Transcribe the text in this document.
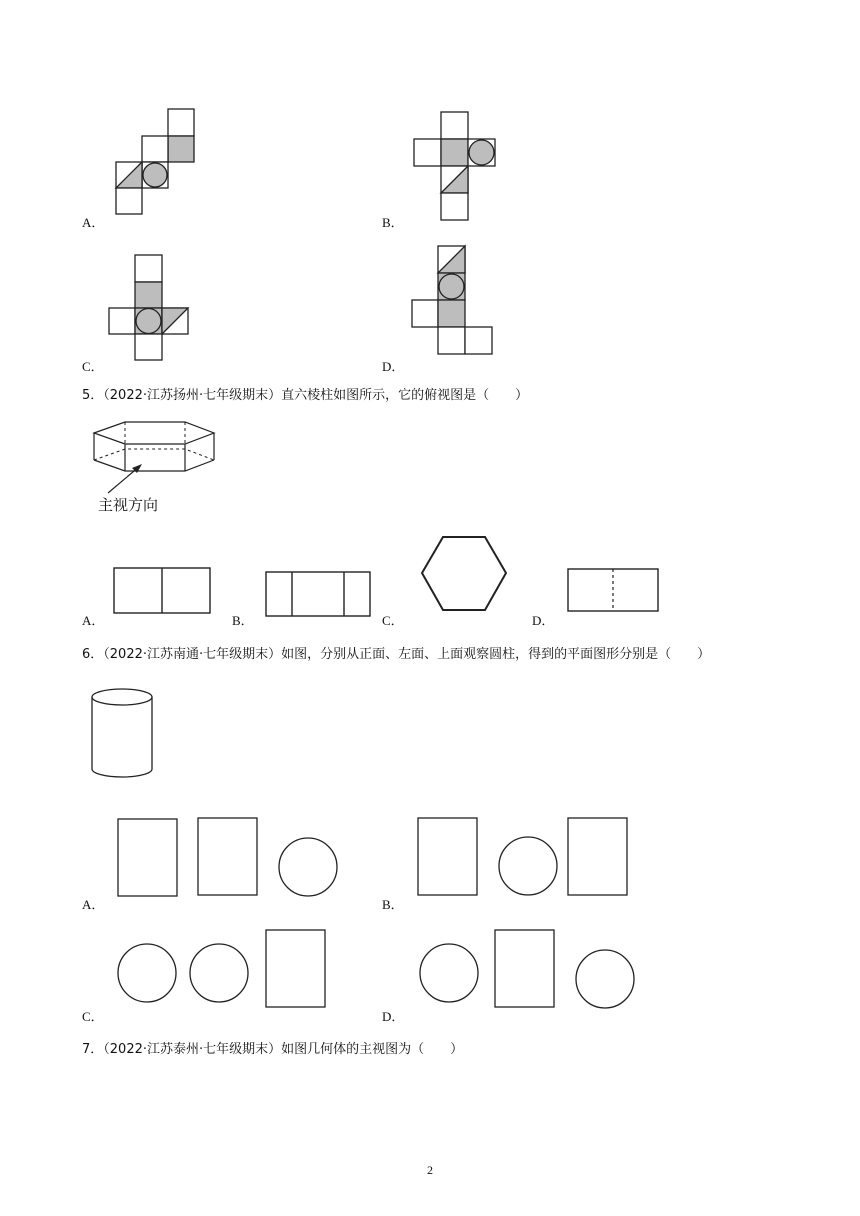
A．	B．
C．	D．
5．（2022·江苏扬州·七年级期末）直六棱柱如图所示，它的俯视图是（　　）
主视方向
A．	B．	C．	D．
6．（2022·江苏南通·七年级期末）如图，分别从正面、左面、上面观察圆柱，得到的平面图形分别是（　　）
A．	B．
C．	D．
7．（2022·江苏泰州·七年级期末）如图几何体的主视图为（　　）
2
